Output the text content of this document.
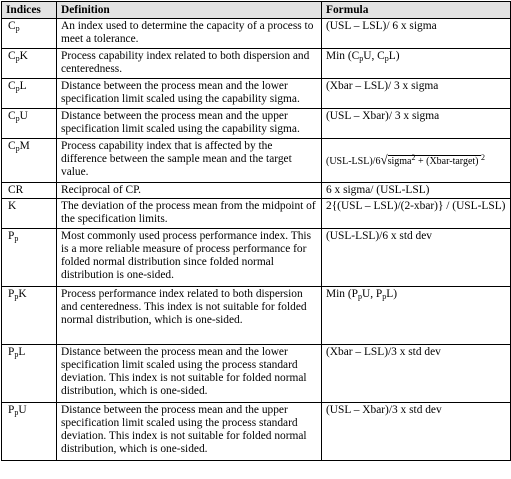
Indices	Definition	Formula
$C_p$	An index used to determine the capacity of a process to meet a tolerance.	(USL – LSL)/ 6 x sigma
$C_pK$	Process capability index related to both dispersion and centeredness.	Min ($C_pU$, $C_pL$)
$C_pL$	Distance between the process mean and the lower specification limit scaled using the capability sigma.	(Xbar – LSL)/ 3 x sigma
$C_pU$	Distance between the process mean and the upper specification limit scaled using the capability sigma.	(USL – Xbar)/ 3 x sigma
$C_pM$	Process capability index that is affected by the difference between the sample mean and the target value.	(USL-LSL)/6√sigma$^2$ + (Xbar-target) $^2$
CR	Reciprocal of CP.	6 x sigma/ (USL-LSL)
K	The deviation of the process mean from the midpoint of the specification limits.	2{(USL – LSL)/(2-xbar)} / (USL-LSL)
$P_p$	Most commonly used process performance index. This is a more reliable measure of process performance for folded normal distribution since folded normal distribution is one-sided.	(USL-LSL)/6 x std dev
$P_pK$	Process performance index related to both dispersion and centeredness. This index is not suitable for folded normal distribution, which is one-sided.	Min ($P_pU$, $P_pL$)
$P_pL$	Distance between the process mean and the lower specification limit scaled using the process standard deviation. This index is not suitable for folded normal distribution, which is one-sided.	(Xbar – LSL)/3 x std dev
$P_pU$	Distance between the process mean and the upper specification limit scaled using the process standard deviation. This index is not suitable for folded normal distribution, which is one-sided.	(USL – Xbar)/3 x std dev
